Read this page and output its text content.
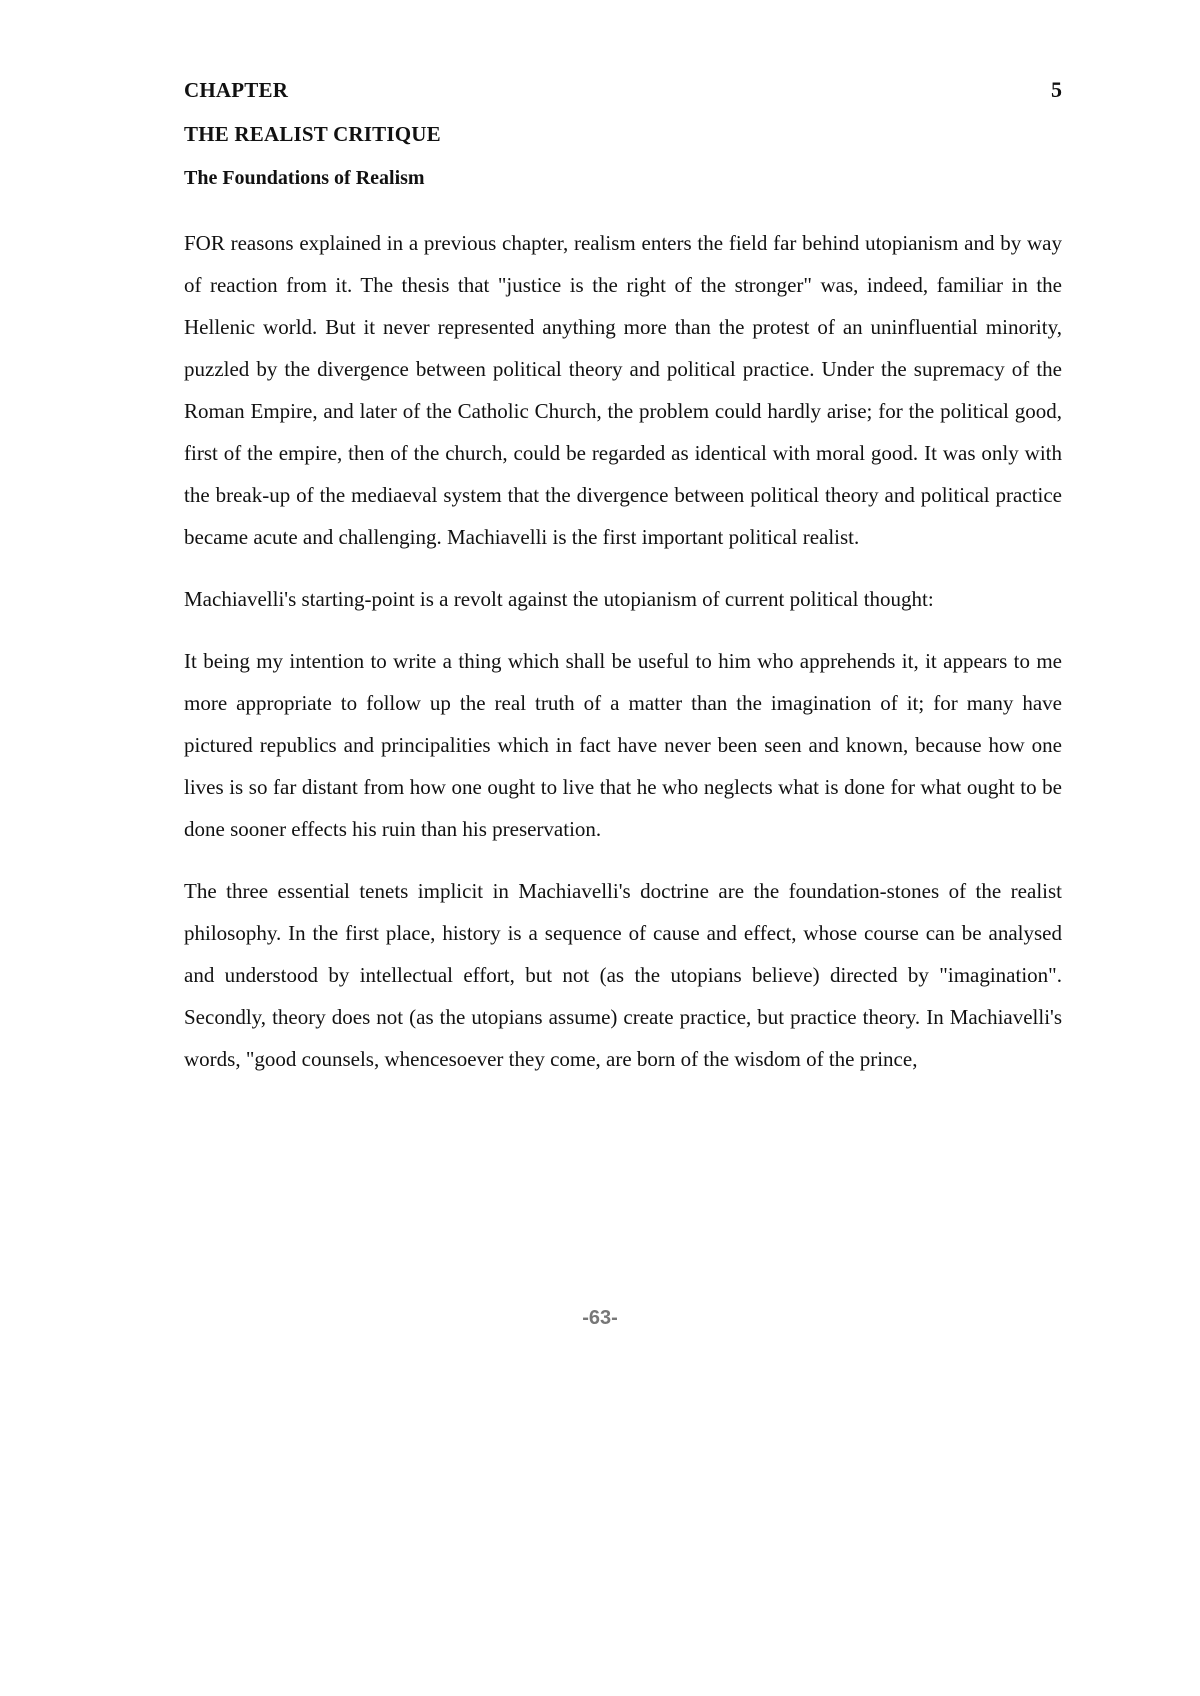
CHAPTER	5
THE REALIST CRITIQUE
The Foundations of Realism

FOR reasons explained in a previous chapter, realism enters the field far behind utopianism and by way of reaction from it. The thesis that "justice is the right of the stronger" was, indeed, familiar in the Hellenic world. But it never represented anything more than the protest of an uninfluential minority, puzzled by the divergence between political theory and political practice. Under the supremacy of the Roman Empire, and later of the Catholic Church, the problem could hardly arise; for the political good, first of the empire, then of the church, could be regarded as identical with moral good. It was only with the break-up of the mediaeval system that the divergence between political theory and political practice became acute and challenging. Machiavelli is the first important political realist.

Machiavelli's starting-point is a revolt against the utopianism of current political thought:

It being my intention to write a thing which shall be useful to him who apprehends it, it appears to me more appropriate to follow up the real truth of a matter than the imagination of it; for many have pictured republics and principalities which in fact have never been seen and known, because how one lives is so far distant from how one ought to live that he who neglects what is done for what ought to be done sooner effects his ruin than his preservation.

The three essential tenets implicit in Machiavelli's doctrine are the foundation-stones of the realist philosophy. In the first place, history is a sequence of cause and effect, whose course can be analysed and understood by intellectual effort, but not (as the utopians believe) directed by "imagination". Secondly, theory does not (as the utopians assume) create practice, but practice theory. In Machiavelli's words, "good counsels, whencesoever they come, are born of the wisdom of the prince,

-63-
